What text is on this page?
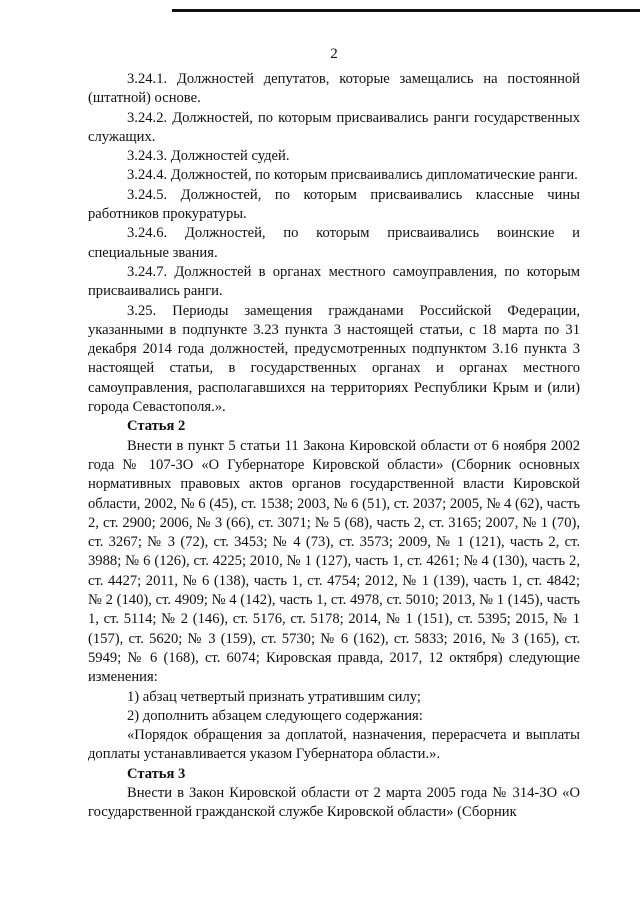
2

3.24.1. Должностей депутатов, которые замещались на постоянной (штатной) основе.

3.24.2. Должностей, по которым присваивались ранги государственных служащих.

3.24.3. Должностей судей.

3.24.4. Должностей, по которым присваивались дипломатические ранги.

3.24.5. Должностей, по которым присваивались классные чины работников прокуратуры.

3.24.6. Должностей, по которым присваивались воинские и специальные звания.

3.24.7. Должностей в органах местного самоуправления, по которым присваивались ранги.

3.25. Периоды замещения гражданами Российской Федерации, указанными в подпункте 3.23 пункта 3 настоящей статьи, с 18 марта по 31 декабря 2014 года должностей, предусмотренных подпунктом 3.16 пункта 3 настоящей статьи, в государственных органах и органах местного самоуправления, располагавшихся на территориях Республики Крым и (или) города Севастополя.».

Статья 2

Внести в пункт 5 статьи 11 Закона Кировской области от 6 ноября 2002 года № 107-ЗО «О Губернаторе Кировской области» (Сборник основных нормативных правовых актов органов государственной власти Кировской области, 2002, № 6 (45), ст. 1538; 2003, № 6 (51), ст. 2037; 2005, № 4 (62), часть 2, ст. 2900; 2006, № 3 (66), ст. 3071; № 5 (68), часть 2, ст. 3165; 2007, № 1 (70), ст. 3267; № 3 (72), ст. 3453; № 4 (73), ст. 3573; 2009, № 1 (121), часть 2, ст. 3988; № 6 (126), ст. 4225; 2010, № 1 (127), часть 1, ст. 4261; № 4 (130), часть 2, ст. 4427; 2011, № 6 (138), часть 1, ст. 4754; 2012, № 1 (139), часть 1, ст. 4842; № 2 (140), ст. 4909; № 4 (142), часть 1, ст. 4978, ст. 5010; 2013, № 1 (145), часть 1, ст. 5114; № 2 (146), ст. 5176, ст. 5178; 2014, № 1 (151), ст. 5395; 2015, № 1 (157), ст. 5620; № 3 (159), ст. 5730; № 6 (162), ст. 5833; 2016, № 3 (165), ст. 5949; № 6 (168), ст. 6074; Кировская правда, 2017, 12 октября) следующие изменения:

1) абзац четвертый признать утратившим силу;

2) дополнить абзацем следующего содержания:

«Порядок обращения за доплатой, назначения, перерасчета и выплаты доплаты устанавливается указом Губернатора области.».

Статья 3

Внести в Закон Кировской области от 2 марта 2005 года № 314-ЗО «О государственной гражданской службе Кировской области» (Сборник
